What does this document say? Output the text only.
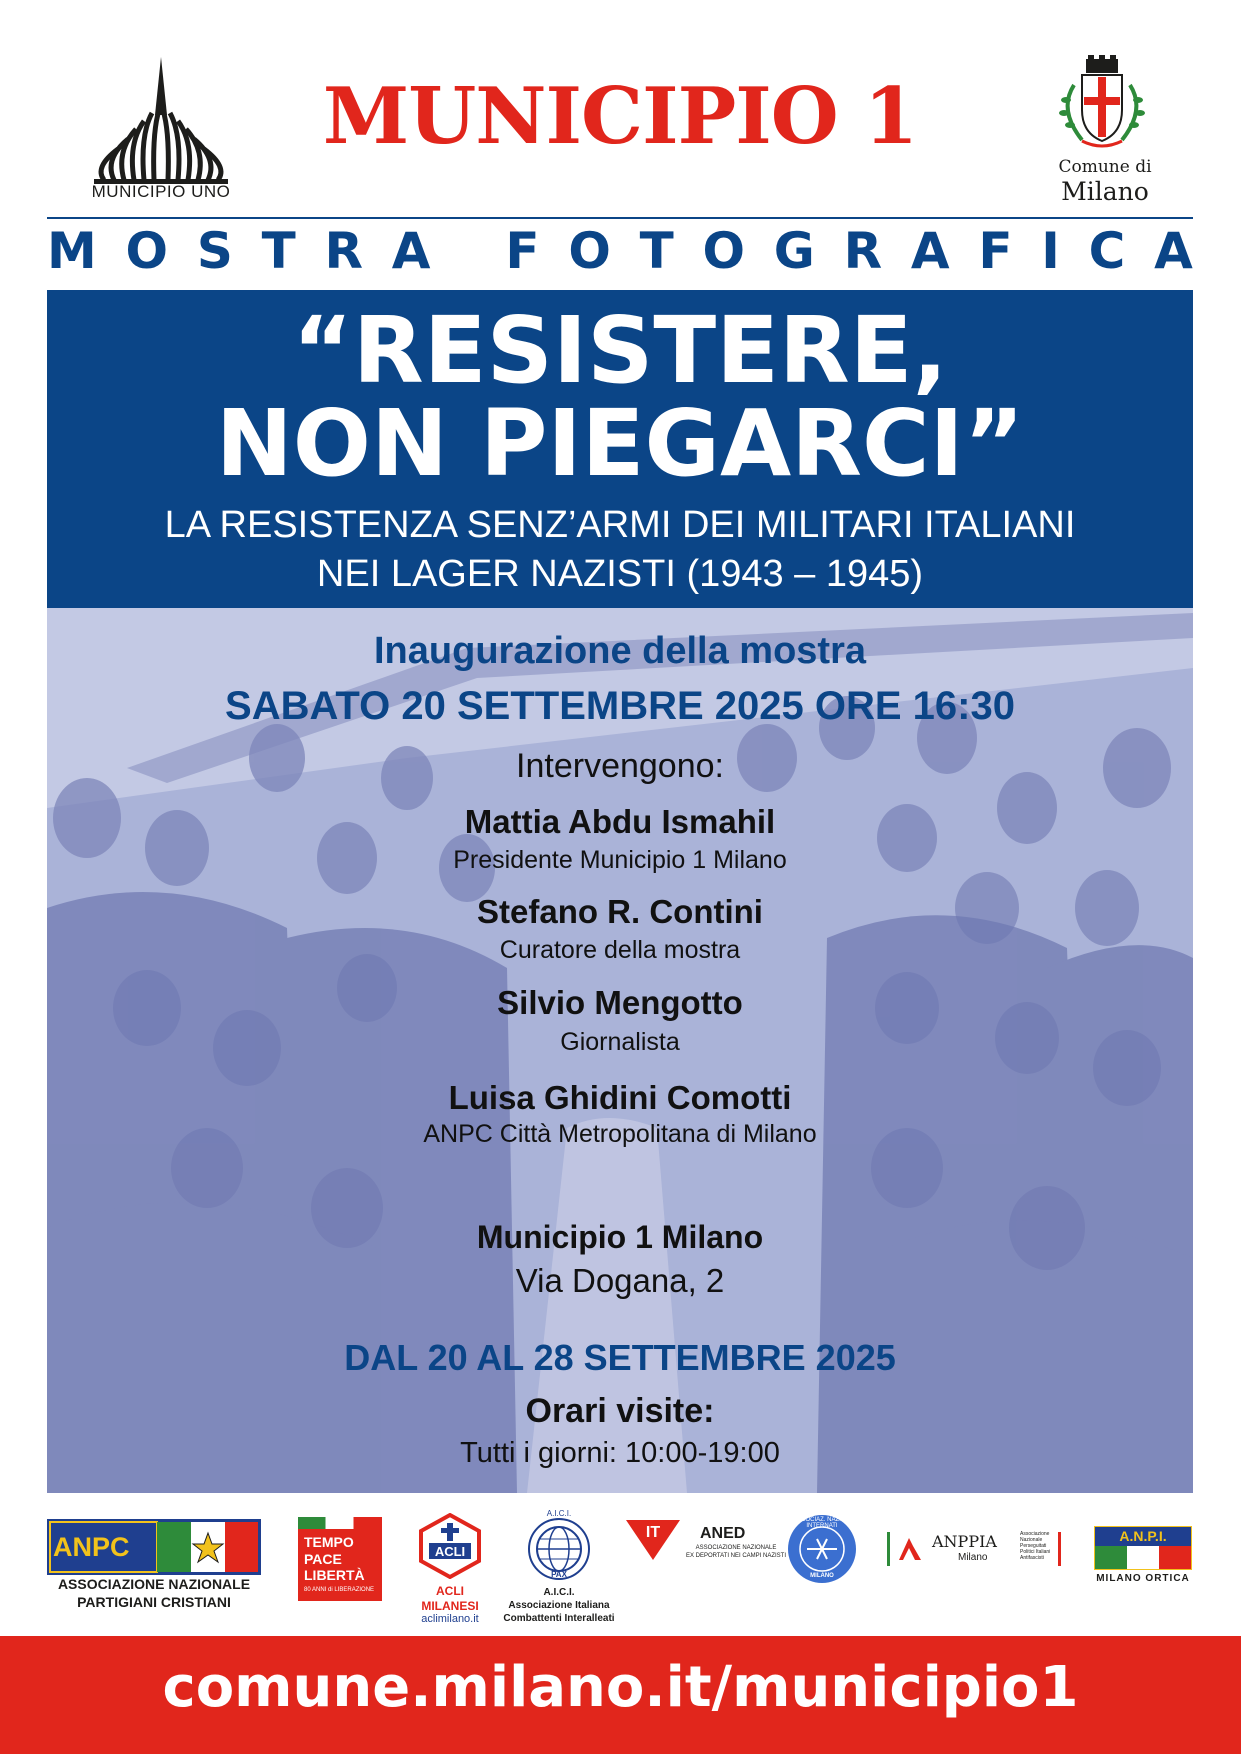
MUNICIPIO UNO
MUNICIPIO 1
Comune di
Milano
M O S T R A
F O T O G R A F I C A
“RESISTERE,
NON PIEGARCI”
LA RESISTENZA SENZ’ARMI DEI MILITARI ITALIANI
NEI LAGER NAZISTI (1943 – 1945)
Inaugurazione della mostra
SABATO 20 SETTEMBRE 2025 ORE 16:30
Intervengono:
Mattia Abdu Ismahil
Presidente Municipio 1 Milano
Stefano R. Contini
Curatore della mostra
Silvio Mengotto
Giornalista
Luisa Ghidini Comotti
ANPC Città Metropolitana di Milano
Municipio 1 Milano
Via Dogana, 2
DAL 20 AL 28 SETTEMBRE 2025
Orari visite:
Tutti i giorni: 10:00-19:00
ANPC
ASSOCIAZIONE NAZIONALE
PARTIGIANI CRISTIANI
TEMPO
PACE
LIBERTÀ
80 ANNI di LIBERAZIONE
ACLI
ACLI
MILANESI
aclimilano.it
A.I.C.I.
PAX
A.I.C.I.
Associazione Italiana
Combattenti Interalleati
IT	ANED
ASSOCIAZIONE NAZIONALE
EX DEPORTATI NEI CAMPI NAZISTI
ASSOCIAZ. NAZ. EX INTERNATI
MILANO
ANPPIA
Milano
Associazione
Nazionale
Perseguitati
Politici Italiani
Antifascisti
A.N.P.I.
MILANO ORTICA
comune.milano.it/municipio1
